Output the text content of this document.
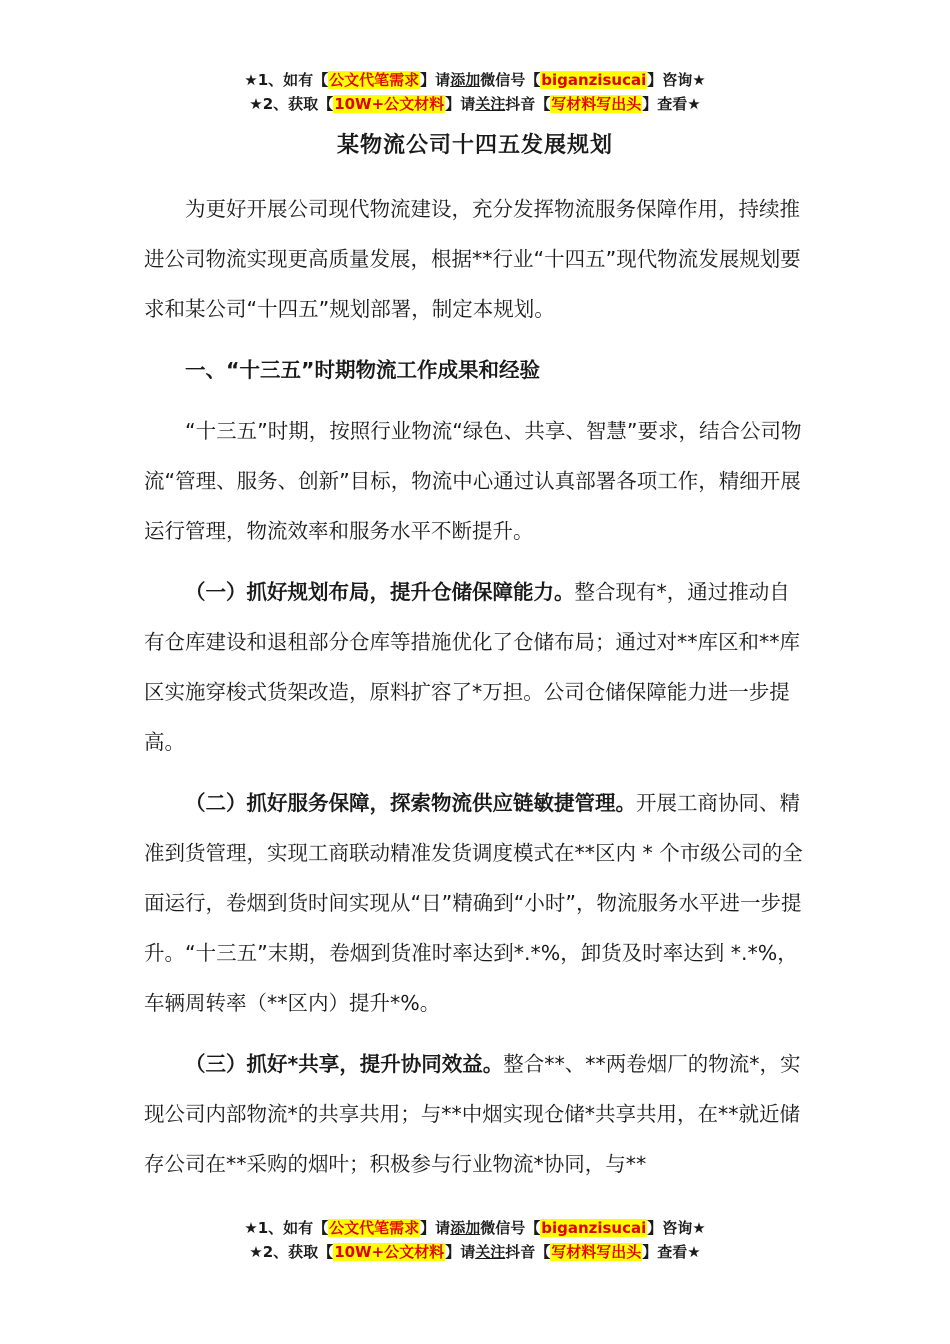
★1、如有【公文代笔需求】请添加微信号【biganzisucai】咨询★
★2、获取【10W+公文材料】请关注抖音【写材料写出头】查看★
某物流公司十四五发展规划

为更好开展公司现代物流建设，充分发挥物流服务保障作用，持续推进公司物流实现更高质量发展，根据**行业“十四五”现代物流发展规划要求和某公司“十四五”规划部署，制定本规划。

一、“十三五”时期物流工作成果和经验

“十三五”时期，按照行业物流“绿色、共享、智慧”要求，结合公司物流“管理、服务、创新”目标，物流中心通过认真部署各项工作，精细开展运行管理，物流效率和服务水平不断提升。

（一）抓好规划布局，提升仓储保障能力。整合现有*，通过推动自有仓库建设和退租部分仓库等措施优化了仓储布局；通过对**库区和**库区实施穿梭式货架改造，原料扩容了*万担。公司仓储保障能力进一步提高。

（二）抓好服务保障，探索物流供应链敏捷管理。开展工商协同、精准到货管理，实现工商联动精准发货调度模式在**区内 * 个市级公司的全面运行，卷烟到货时间实现从“日”精确到“小时”，物流服务水平进一步提升。“十三五”末期，卷烟到货准时率达到*.*%，卸货及时率达到 *.*%，车辆周转率（**区内）提升*%。

（三）抓好*共享，提升协同效益。整合**、**两卷烟厂的物流*，实现公司内部物流*的共享共用；与**中烟实现仓储*共享共用，在**就近储存公司在**采购的烟叶；积极参与行业物流*协同，与**

★1、如有【公文代笔需求】请添加微信号【biganzisucai】咨询★
★2、获取【10W+公文材料】请关注抖音【写材料写出头】查看★
